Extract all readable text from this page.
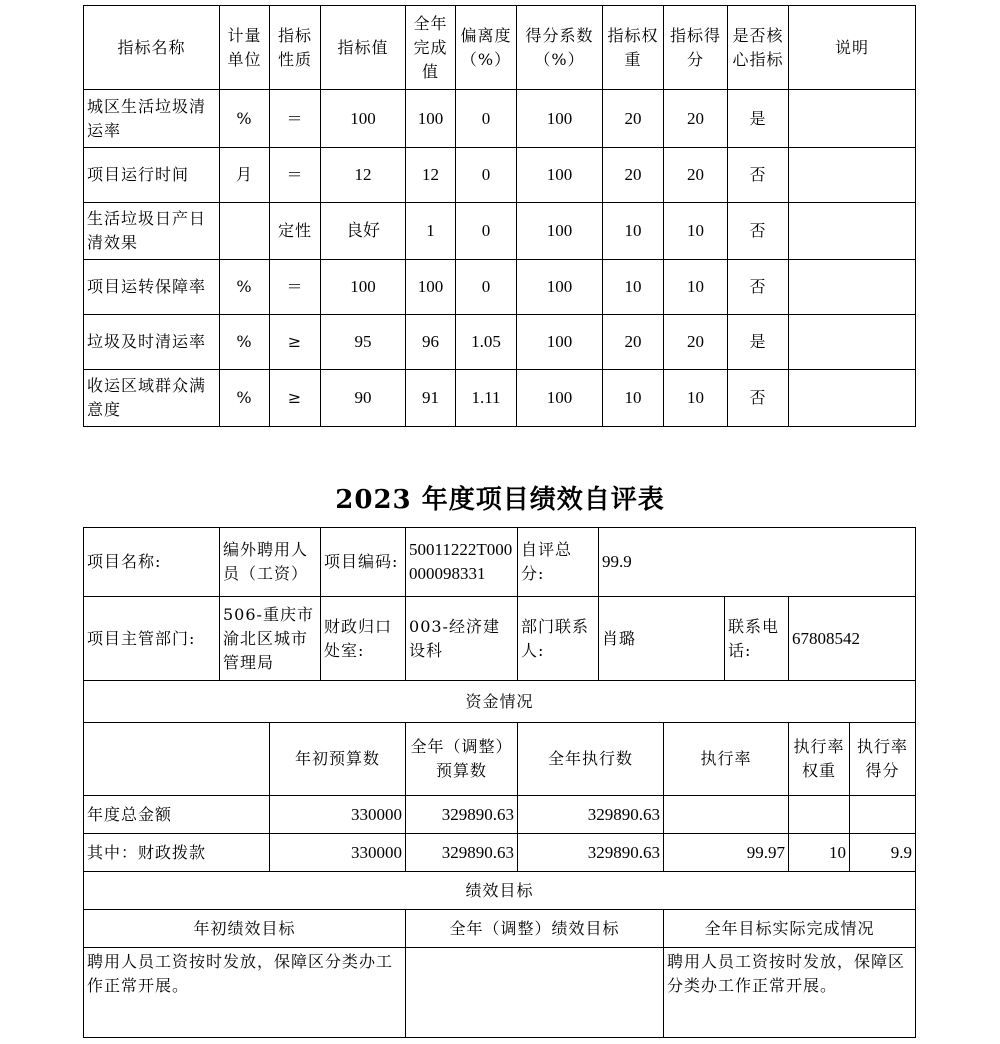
指标名称	计量单位	指标性质	指标值	全年完成值	偏离度（%）	得分系数（%）	指标权重	指标得分	是否核心指标	说明
城区生活垃圾清运率	%	＝	100	100	0	100	20	20	是	
项目运行时间	月	＝	12	12	0	100	20	20	否	
生活垃圾日产日清效果		定性	良好	1	0	100	10	10	否	
项目运转保障率	%	＝	100	100	0	100	10	10	否	
垃圾及时清运率	%	≥	95	96	1.05	100	20	20	是	
收运区域群众满意度	%	≥	90	91	1.11	100	10	10	否	
2023 年度项目绩效自评表
项目名称:	编外聘用人员（工资）		项目编码:	50011222T000000098331	自评总分:	99.9				
项目主管部门:	506-重庆市渝北区城市管理局		财政归口处室:	003-经济建设科	部门联系人:	肖璐		联系电话:	67808542	
资金情况										
		年初预算数		全年（调整）预算数	全年执行数		执行率		执行率权重	执行率得分
年度总金额		330000		329890.63	329890.63					
其中：财政拨款		330000		329890.63	329890.63		99.97		10	9.9
绩效目标										
年初绩效目标				全年（调整）绩效目标			全年目标实际完成情况			
聘用人员工资按时发放，保障区分类办工作正常开展。							聘用人员工资按时发放，保障区分类办工作正常开展。			
